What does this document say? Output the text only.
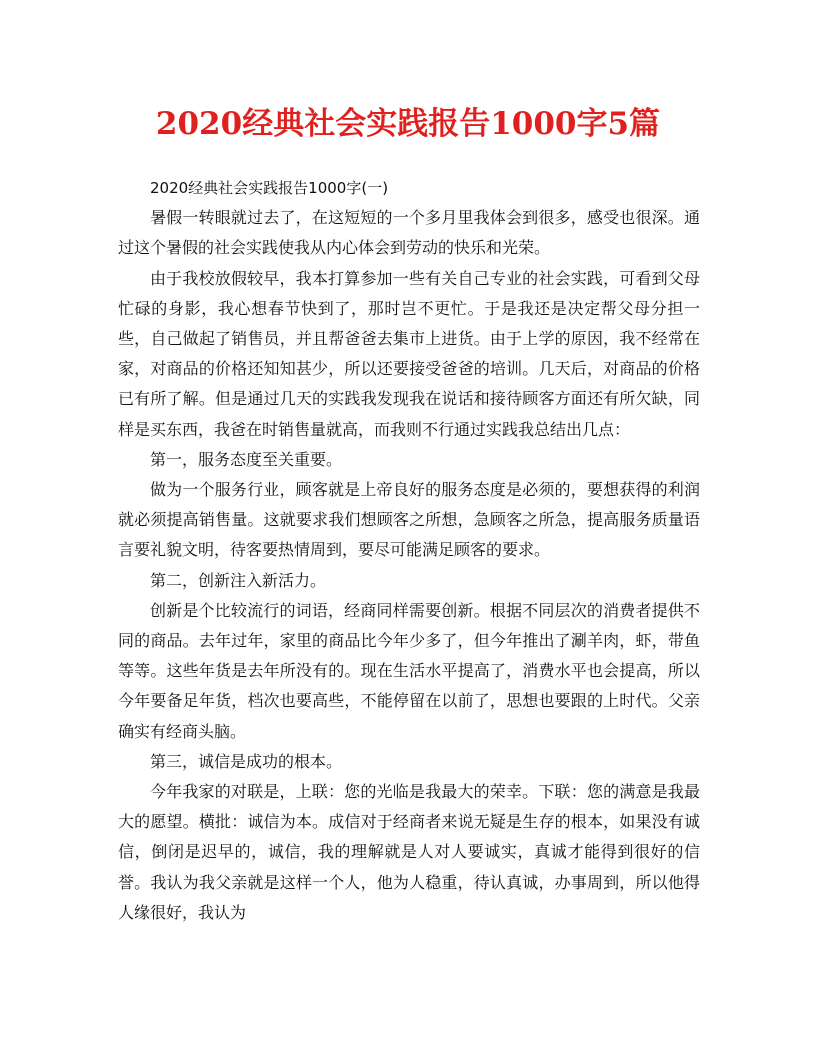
2020经典社会实践报告1000字5篇

2020经典社会实践报告1000字(一)

暑假一转眼就过去了，在这短短的一个多月里我体会到很多，感受也很深。通过这个暑假的社会实践使我从内心体会到劳动的快乐和光荣。

由于我校放假较早，我本打算参加一些有关自己专业的社会实践，可看到父母忙碌的身影，我心想春节快到了，那时岂不更忙。于是我还是决定帮父母分担一些，自己做起了销售员，并且帮爸爸去集市上进货。由于上学的原因，我不经常在家，对商品的价格还知知甚少，所以还要接受爸爸的培训。几天后，对商品的价格已有所了解。但是通过几天的实践我发现我在说话和接待顾客方面还有所欠缺，同样是买东西，我爸在时销售量就高，而我则不行通过实践我总结出几点：

第一，服务态度至关重要。

做为一个服务行业，顾客就是上帝良好的服务态度是必须的，要想获得的利润就必须提高销售量。这就要求我们想顾客之所想，急顾客之所急，提高服务质量语言要礼貌文明，待客要热情周到，要尽可能满足顾客的要求。

第二，创新注入新活力。

创新是个比较流行的词语，经商同样需要创新。根据不同层次的消费者提供不同的商品。去年过年，家里的商品比今年少多了，但今年推出了涮羊肉，虾，带鱼等等。这些年货是去年所没有的。现在生活水平提高了，消费水平也会提高，所以今年要备足年货，档次也要高些，不能停留在以前了，思想也要跟的上时代。父亲确实有经商头脑。

第三，诚信是成功的根本。

今年我家的对联是，上联：您的光临是我最大的荣幸。下联：您的满意是我最大的愿望。横批：诚信为本。成信对于经商者来说无疑是生存的根本，如果没有诚信，倒闭是迟早的，诚信，我的理解就是人对人要诚实，真诚才能得到很好的信誉。我认为我父亲就是这样一个人，他为人稳重，待认真诚，办事周到，所以他得人缘很好，我认为
